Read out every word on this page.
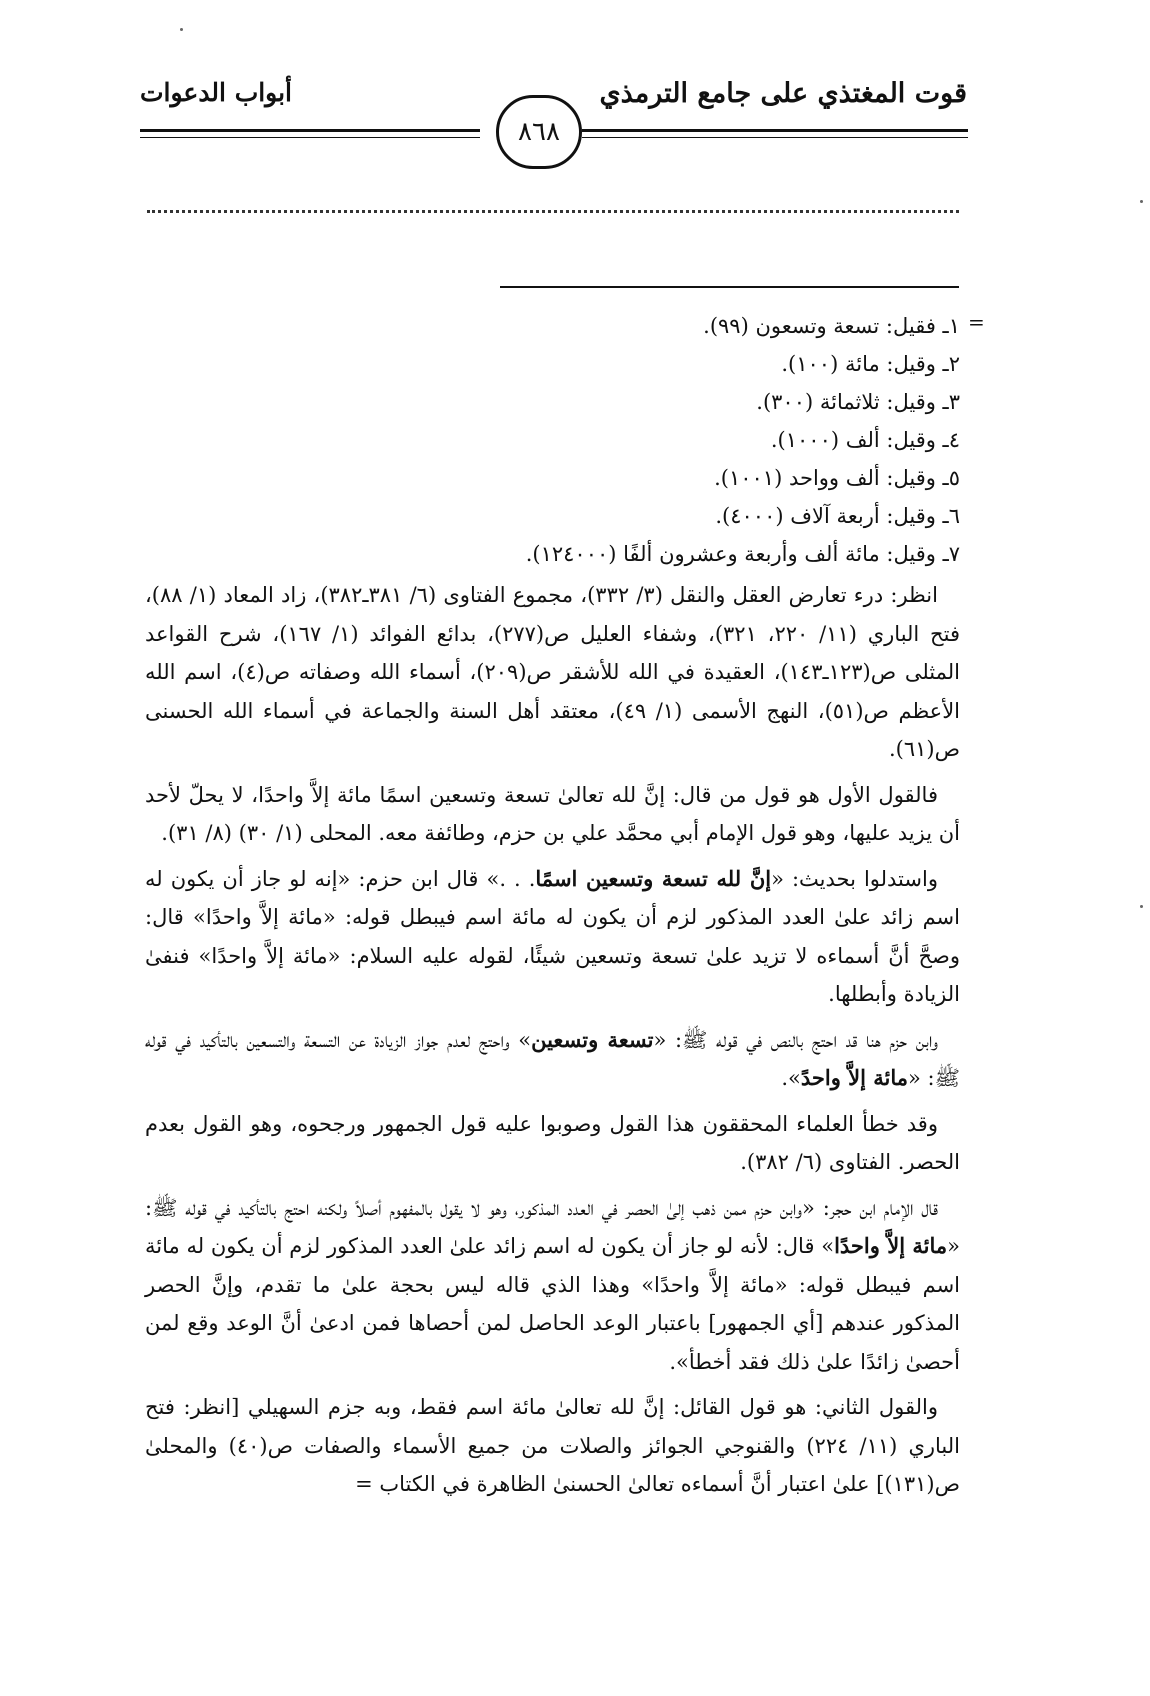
قوت المغتذي على جامع الترمذي
أبواب الدعوات
٨٦٨
=
١ـ فقيل: تسعة وتسعون (٩٩).
٢ـ وقيل: مائة (١٠٠).
٣ـ وقيل: ثلاثمائة (٣٠٠).
٤ـ وقيل: ألف (١٠٠٠).
٥ـ وقيل: ألف وواحد (١٠٠١).
٦ـ وقيل: أربعة آلاف (٤٠٠٠).
٧ـ وقيل: مائة ألف وأربعة وعشرون ألفًا (١٢٤٠٠٠).

انظر: درء تعارض العقل والنقل (٣/ ٣٣٢)، مجموع الفتاوى (٦/ ٣٨١ـ٣٨٢)، زاد المعاد (١/ ٨٨)، فتح الباري (١١/ ٢٢٠، ٣٢١)، وشفاء العليل ص(٢٧٧)، بدائع الفوائد (١/ ١٦٧)، شرح القواعد المثلى ص(١٢٣ـ١٤٣)، العقيدة في الله للأشقر ص(٢٠٩)، أسماء الله وصفاته ص(٤)، اسم الله الأعظم ص(٥١)، النهج الأسمى (١/ ٤٩)، معتقد أهل السنة والجماعة في أسماء الله الحسنى ص(٦١).

فالقول الأول هو قول من قال: إنَّ لله تعالىٰ تسعة وتسعين اسمًا مائة إلاَّ واحدًا، لا يحلّ لأحد أن يزيد عليها، وهو قول الإمام أبي محمَّد علي بن حزم، وطائفة معه. المحلى (١/ ٣٠) (٨/ ٣١).

واستدلوا بحديث: «إنَّ لله تسعة وتسعين اسمًا. . .» قال ابن حزم: «إنه لو جاز أن يكون له اسم زائد علىٰ العدد المذكور لزم أن يكون له مائة اسم فيبطل قوله: «مائة إلاَّ واحدًا» قال: وصحَّ أنَّ أسماءه لا تزيد علىٰ تسعة وتسعين شيئًا، لقوله عليه السلام: «مائة إلاَّ واحدًا» فنفىٰ الزيادة وأبطلها.

وابن حزم هنا قد احتج بالنص في قوله ﷺ: «تسعة وتسعين» واحتج لعدم جواز الزيادة عن التسعة والتسعين بالتأكيد في قوله ﷺ: «مائة إلاَّ واحدً».

وقد خطأ العلماء المحققون هذا القول وصوبوا عليه قول الجمهور ورجحوه، وهو القول بعدم الحصر. الفتاوى (٦/ ٣٨٢).

قال الإمام ابن حجر: «وابن حزم ممن ذهب إلىٰ الحصر في العدد المذكور، وهو لا يقول بالمفهوم أصلاً ولكنه احتج بالتأكيد في قوله ﷺ: «مائة إلاَّ واحدًا» قال: لأنه لو جاز أن يكون له اسم زائد علىٰ العدد المذكور لزم أن يكون له مائة اسم فيبطل قوله: «مائة إلاَّ واحدًا» وهذا الذي قاله ليس بحجة علىٰ ما تقدم، وإنَّ الحصر المذكور عندهم [أي الجمهور] باعتبار الوعد الحاصل لمن أحصاها فمن ادعىٰ أنَّ الوعد وقع لمن أحصىٰ زائدًا علىٰ ذلك فقد أخطأ».

والقول الثاني: هو قول القائل: إنَّ لله تعالىٰ مائة اسم فقط، وبه جزم السهيلي [انظر: فتح الباري (١١/ ٢٢٤) والقنوجي الجوائز والصلات من جميع الأسماء والصفات ص(٤٠) والمحلىٰ ص(١٣١)] علىٰ اعتبار أنَّ أسماءه تعالىٰ الحسنىٰ الظاهرة في الكتاب =
